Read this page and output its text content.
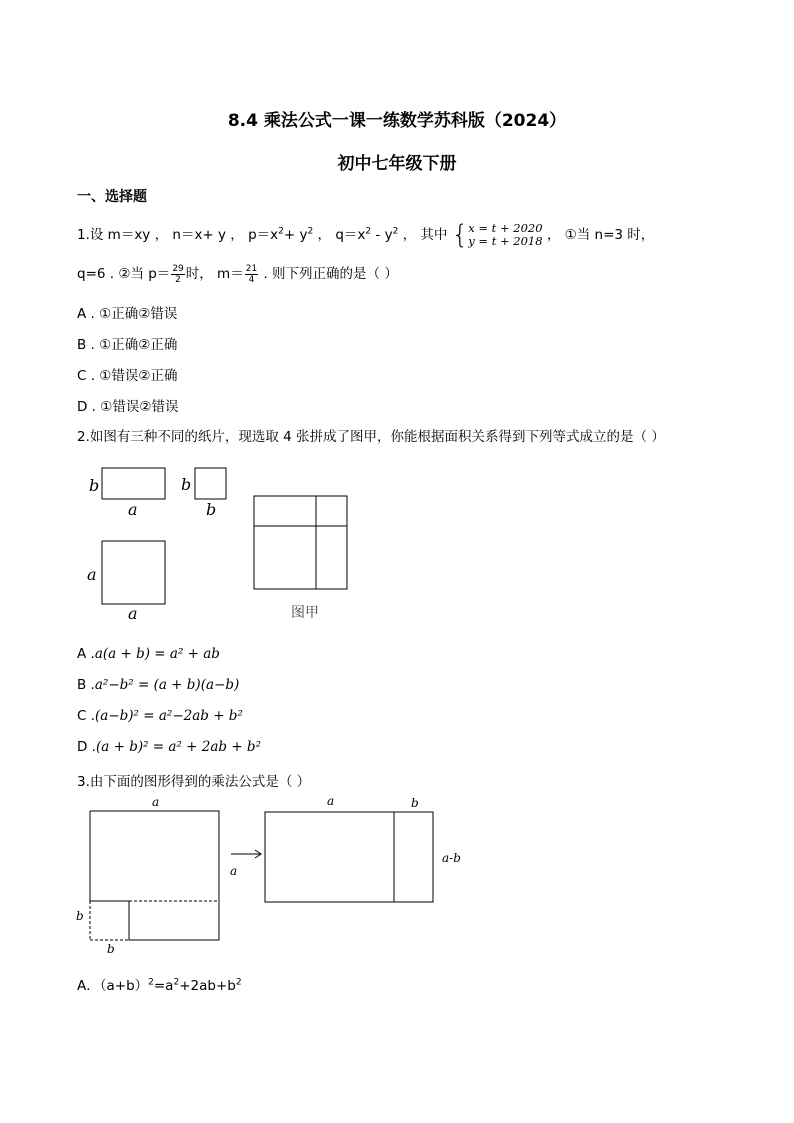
8.4 乘法公式一课一练数学苏科版（2024）
初中七年级下册
一、选择题
1.设 m＝xy ， n＝x+ y ， $p=x^2+ y^2$ ， $q=x^2 - y^2$ ， 其中 { x = t + 2020
y = t + 2018 ， ①当 n=3 时，
q=6 . ②当 $p= \frac{29}{2}$ 时， $m= \frac{21}{4}$ . 则下列正确的是（ ）
A . ①正确②错误
B . ①正确②正确
C . ①错误②正确
D . ①错误②错误
2.如图有三种不同的纸片，现选取 4 张拼成了图甲，你能根据面积关系得到下列等式成立的是（ ）
b
a
b
b
a
a	图甲
A .a(a + b) = a² + ab
B .a²−b² = (a + b)(a−b)
C .(a−b)² = a²−2ab + b²
D .(a + b)² = a² + 2ab + b²
3.由下面的图形得到的乘法公式是（ ）
a
b
b
a
a	b
a-b
A．$(a+b)^2=a^2+2ab+b^2$
